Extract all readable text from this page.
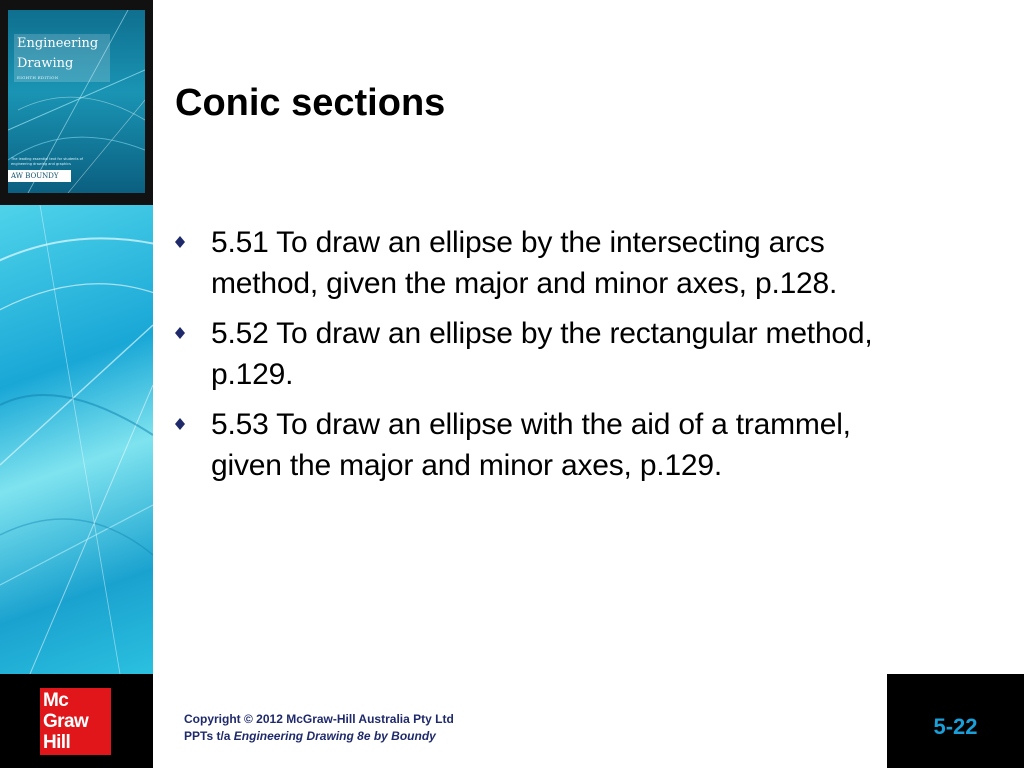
Engineering
Drawing
EIGHTH EDITION
The leading essential text for students of engineering drawing and graphics
AW BOUNDY
Conic sections
5.51 To draw an ellipse by the intersecting arcs
method, given the major and minor axes, p.128.
5.52 To draw an ellipse by the rectangular method,
p.129.
5.53 To draw an ellipse with the aid of a trammel,
given the major and minor axes, p.129.
Mc
Graw
Hill
Copyright © 2012 McGraw-Hill Australia Pty Ltd
PPTs t/a Engineering Drawing 8e by Boundy	5-22
